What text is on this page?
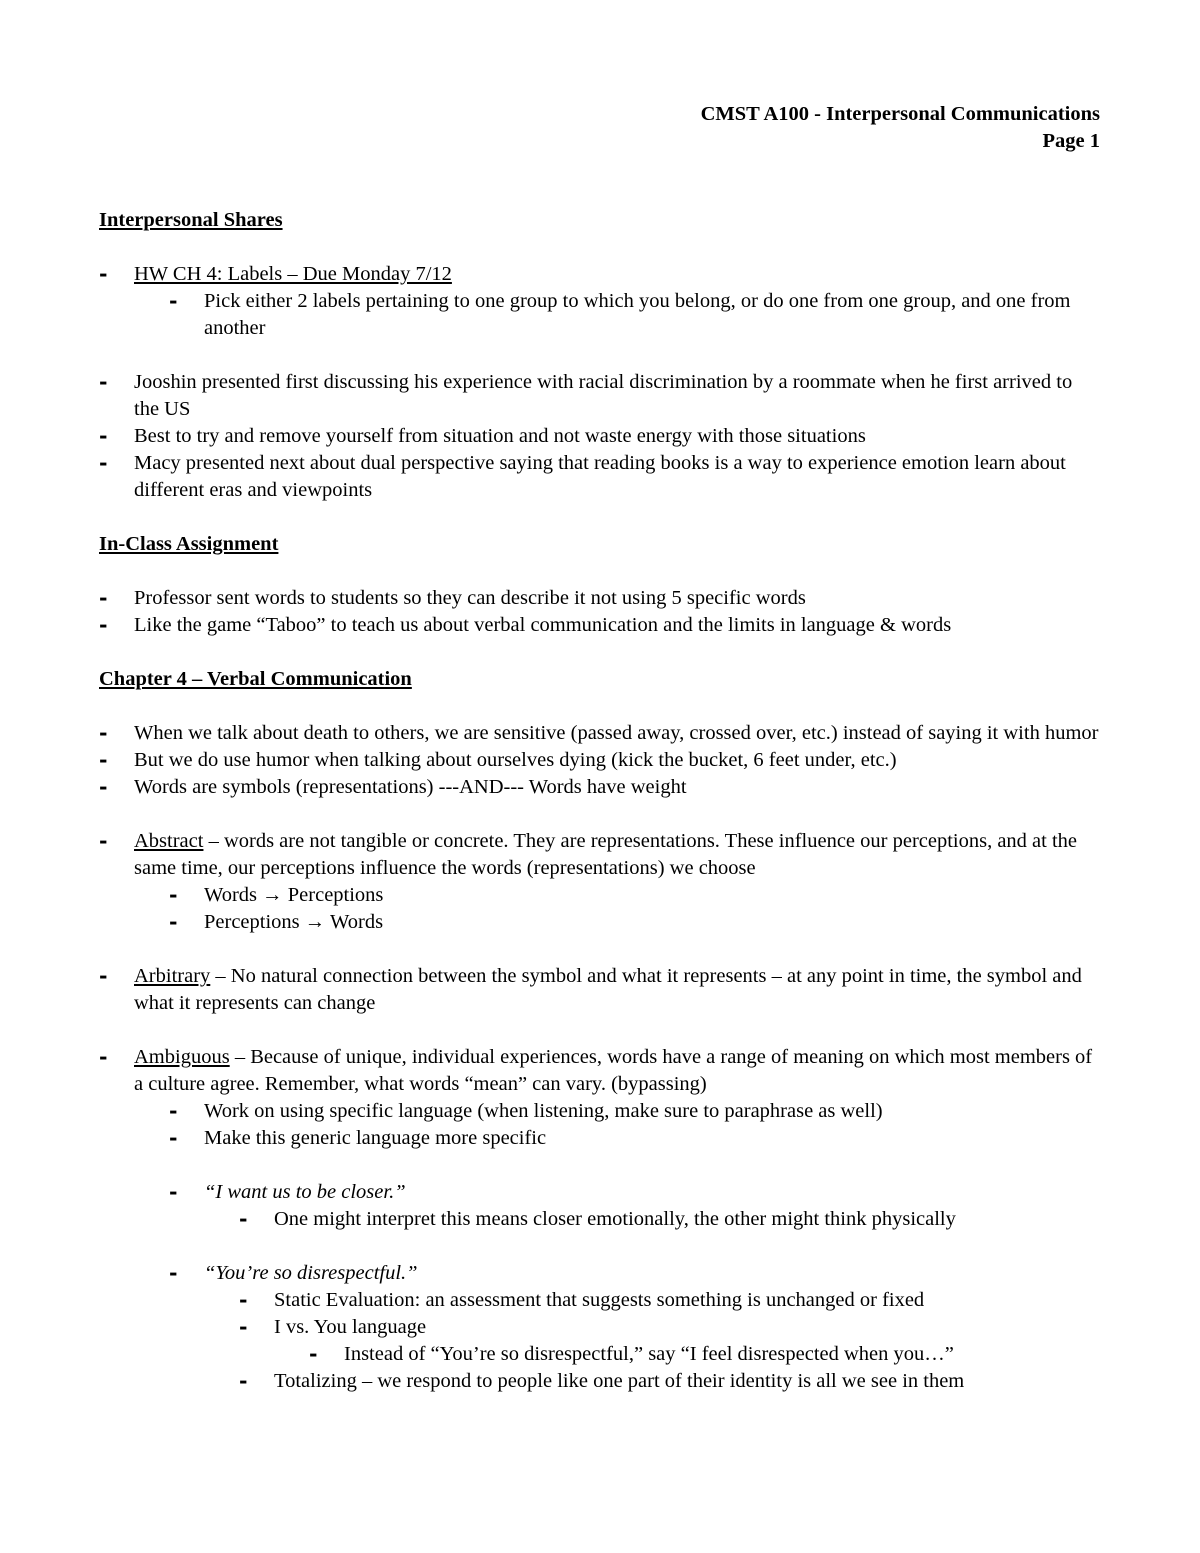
CMST A100 - Interpersonal Communications
Page 1
Interpersonal Shares
- HW CH 4: Labels – Due Monday 7/12
- Pick either 2 labels pertaining to one group to which you belong, or do one from one group, and one from another
- Jooshin presented first discussing his experience with racial discrimination by a roommate when he first arrived to the US
- Best to try and remove yourself from situation and not waste energy with those situations
- Macy presented next about dual perspective saying that reading books is a way to experience emotion learn about different eras and viewpoints
In-Class Assignment
- Professor sent words to students so they can describe it not using 5 specific words
- Like the game “Taboo” to teach us about verbal communication and the limits in language & words
Chapter 4 – Verbal Communication
- When we talk about death to others, we are sensitive (passed away, crossed over, etc.) instead of saying it with humor
- But we do use humor when talking about ourselves dying (kick the bucket, 6 feet under, etc.)
- Words are symbols (representations) ---AND--- Words have weight
- Abstract – words are not tangible or concrete. They are representations. These influence our perceptions, and at the same time, our perceptions influence the words (representations) we choose
- Words → Perceptions
- Perceptions → Words
- Arbitrary – No natural connection between the symbol and what it represents – at any point in time, the symbol and what it represents can change
- Ambiguous – Because of unique, individual experiences, words have a range of meaning on which most members of a culture agree. Remember, what words “mean” can vary. (bypassing)
- Work on using specific language (when listening, make sure to paraphrase as well)
- Make this generic language more specific
- “I want us to be closer.”
- One might interpret this means closer emotionally, the other might think physically
- “You’re so disrespectful.”
- Static Evaluation: an assessment that suggests something is unchanged or fixed
- I vs. You language
- Instead of “You’re so disrespectful,” say “I feel disrespected when you…”
- Totalizing – we respond to people like one part of their identity is all we see in them
